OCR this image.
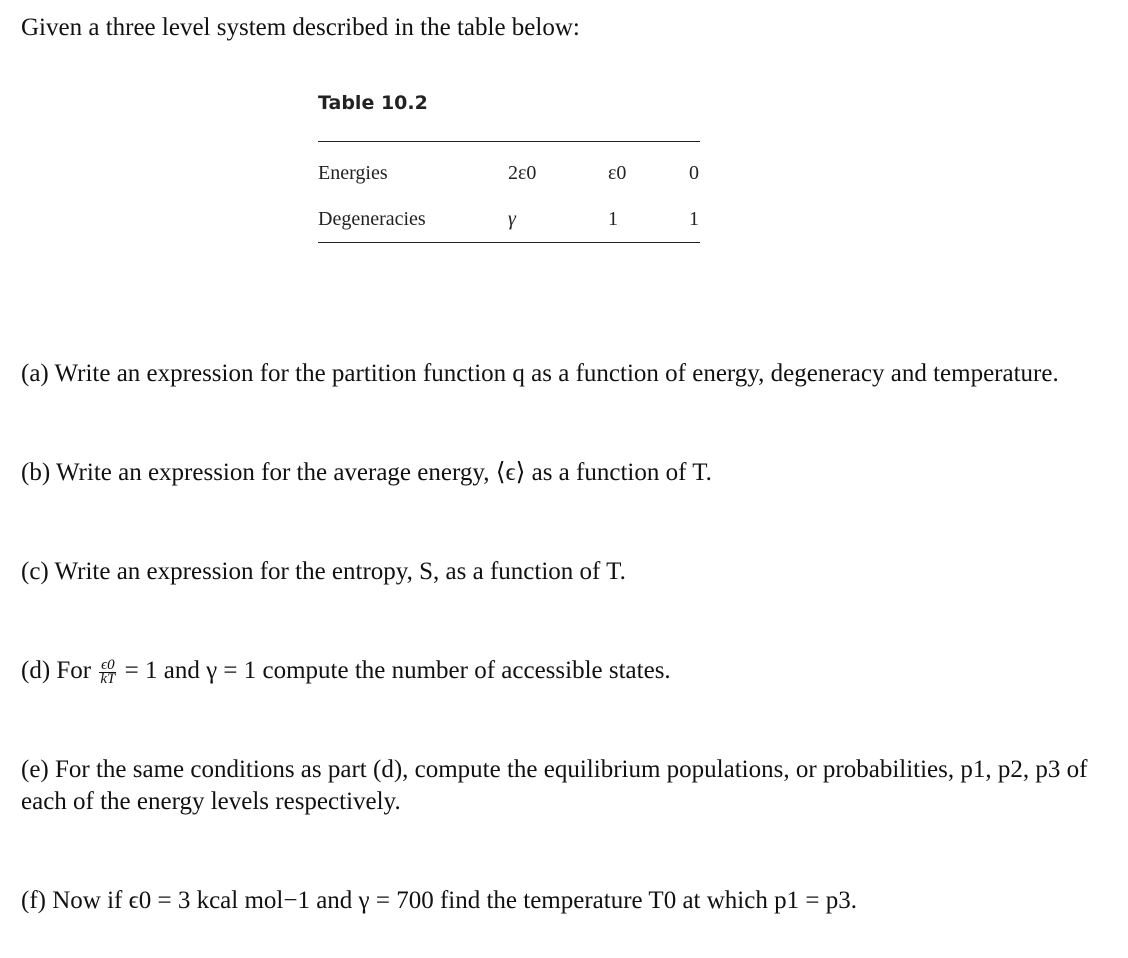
Given a three level system described in the table below:
Table 10.2
Energies	2ε0	ε0	0
Degeneracies	γ	1	1
(a) Write an expression for the partition function q as a function of energy, degeneracy and temperature.
(b) Write an expression for the average energy, ⟨ϵ⟩ as a function of T.
(c) Write an expression for the entropy, S, as a function of T.
(d) For $\frac{\epsilon 0}{kT} = 1$ and γ = 1 compute the number of accessible states.
(e) For the same conditions as part (d), compute the equilibrium populations, or probabilities, p1, p2, p3 of each of the energy levels respectively.
(f) Now if ϵ0 = 3 kcal mol−1 and γ = 700 find the temperature T0 at which p1 = p3.
